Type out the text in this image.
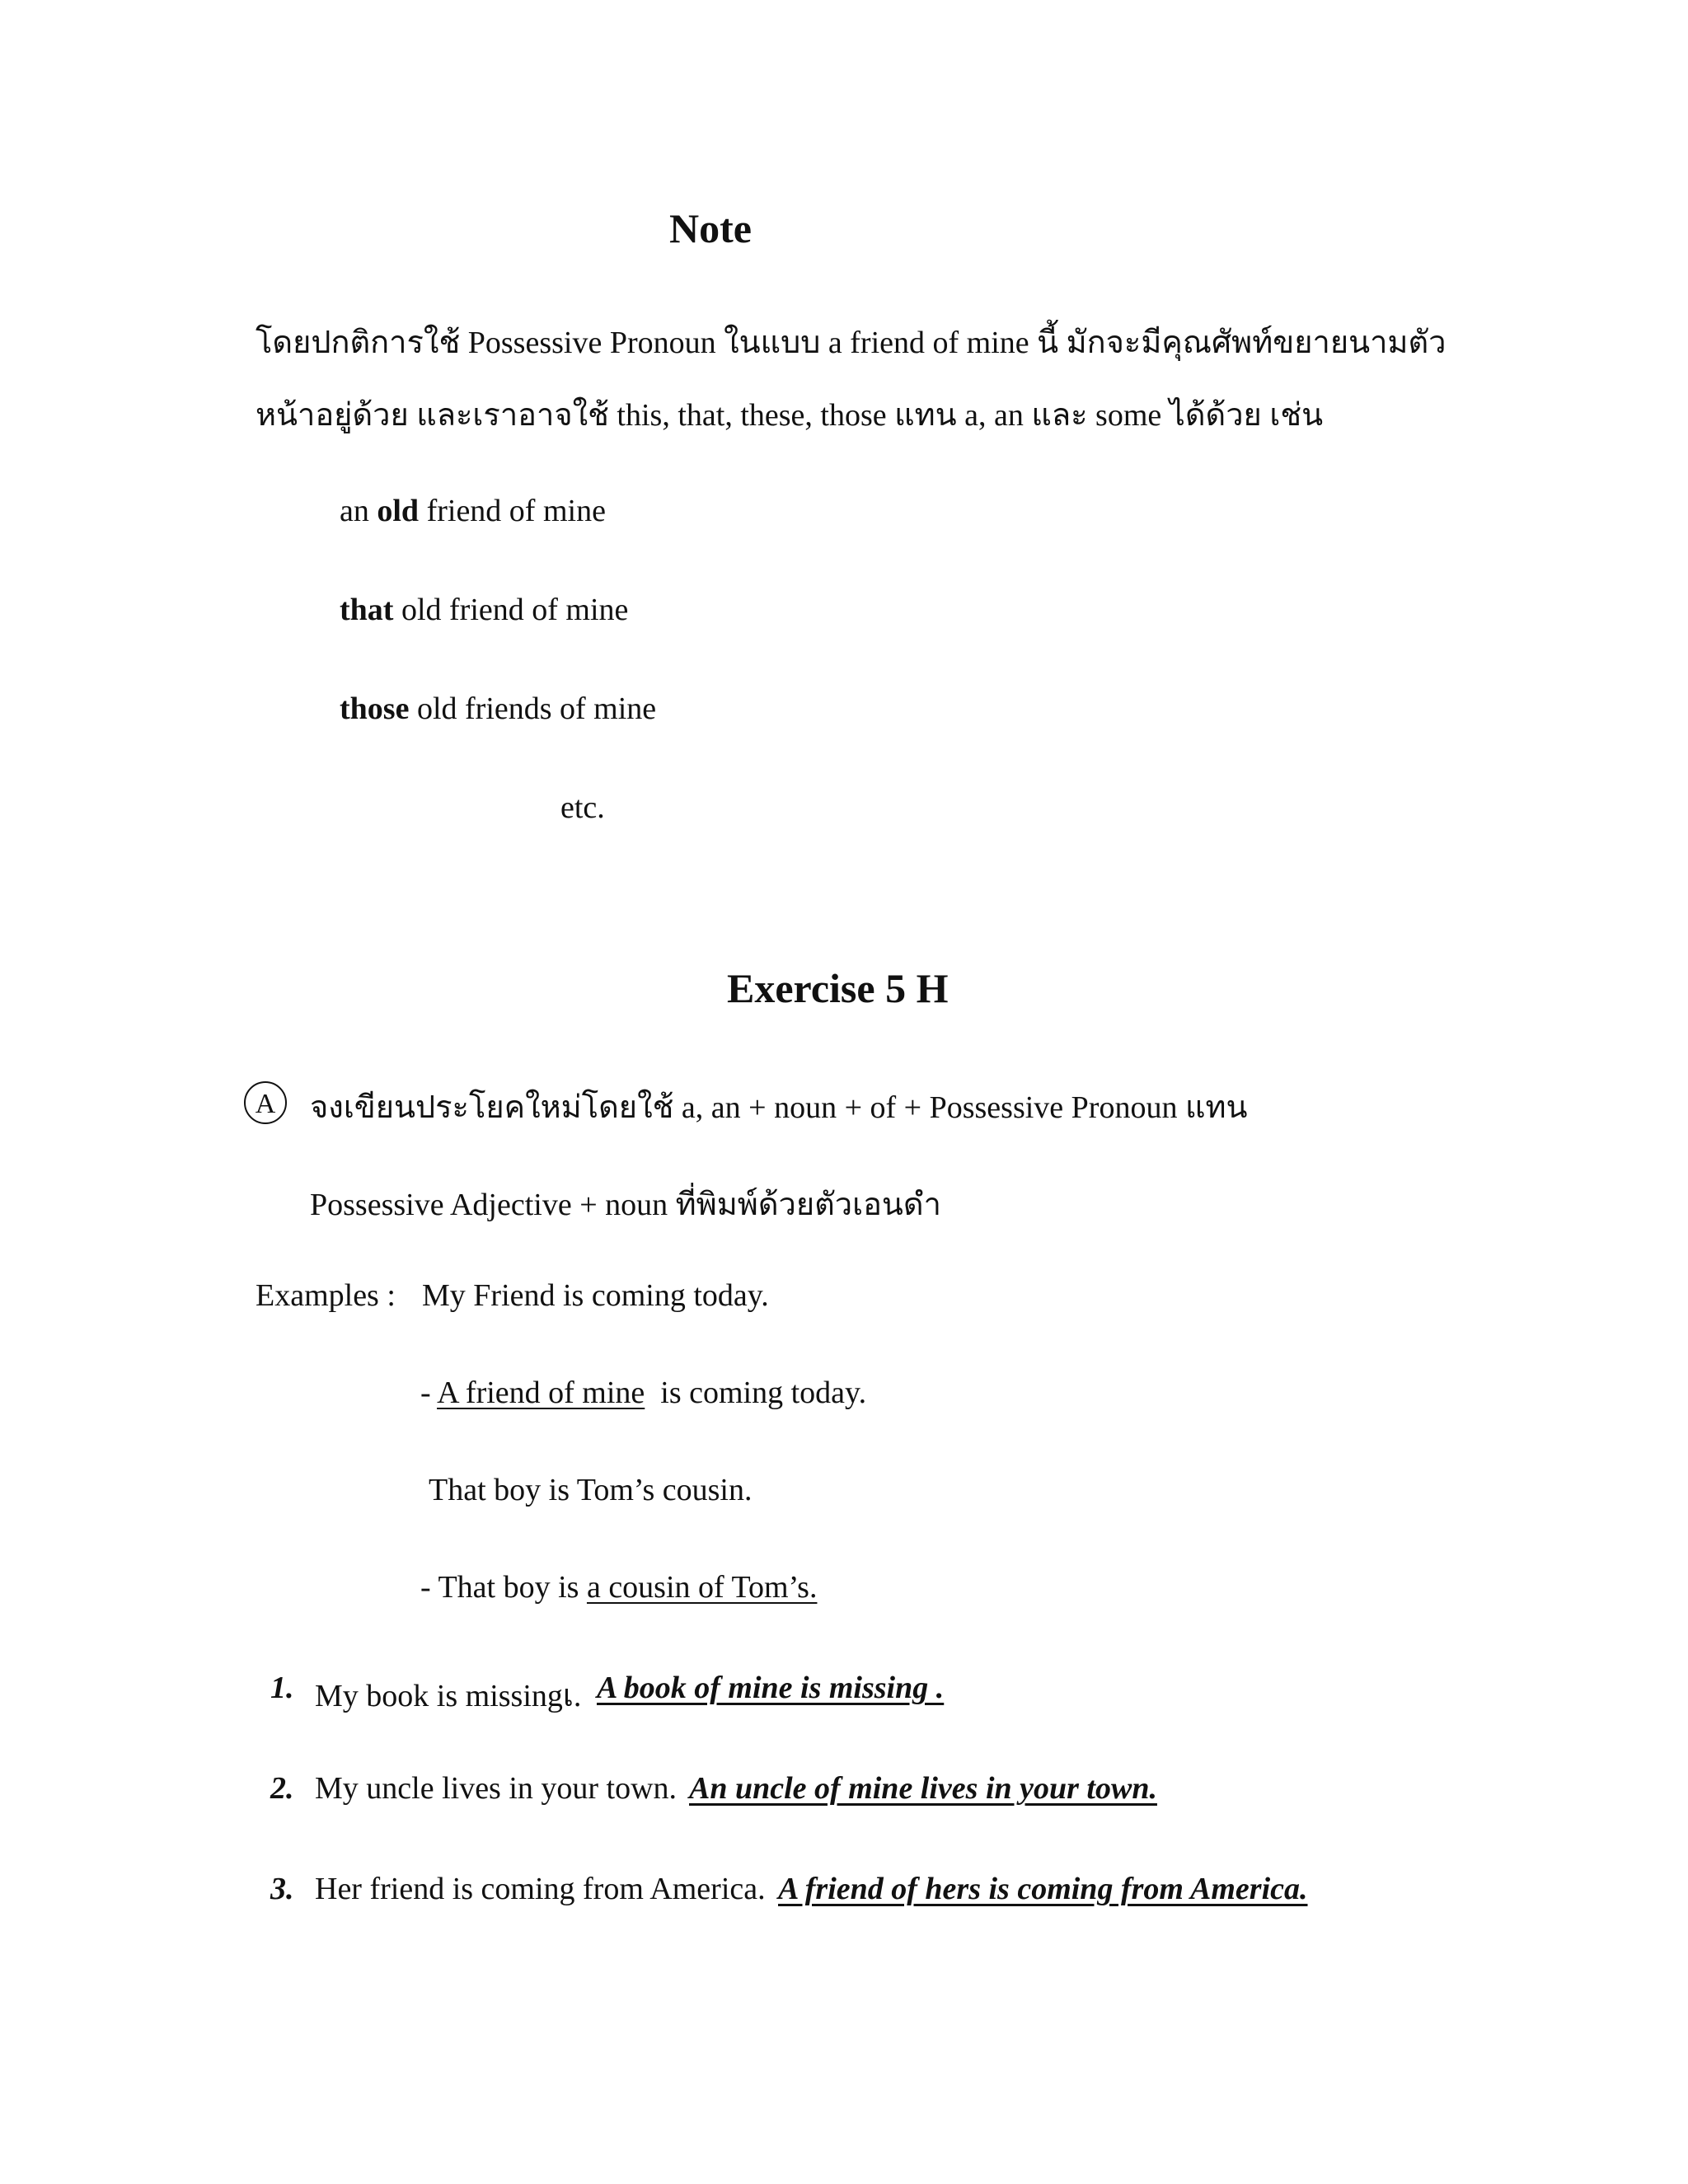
Note
โดยปกติการใช้ Possessive Pronoun ในแบบ a friend of mine นี้ มักจะมีคุณศัพท์ขยายนามตัว
หน้าอยู่ด้วย และเราอาจใช้ this, that, these, those แทน a, an และ some ได้ด้วย เช่น
an old friend of mine
that old friend of mine
those old friends of mine
etc.
Exercise 5 H
A	จงเขียนประโยคใหม่โดยใช้ a, an + noun + of + Possessive Pronoun แทน
Possessive Adjective + noun ที่พิมพ์ด้วยตัวเอนดำ
Examples : My Friend is coming today.
- A friend of mine  is coming today.
That boy is Tom’s cousin.
- That boy is a cousin of Tom’s.
1. My book is missingเ. A book of mine is missing .
2. My uncle lives in your town. An uncle of mine lives in your town.
3. Her friend is coming from America. A friend of hers is coming from America.
